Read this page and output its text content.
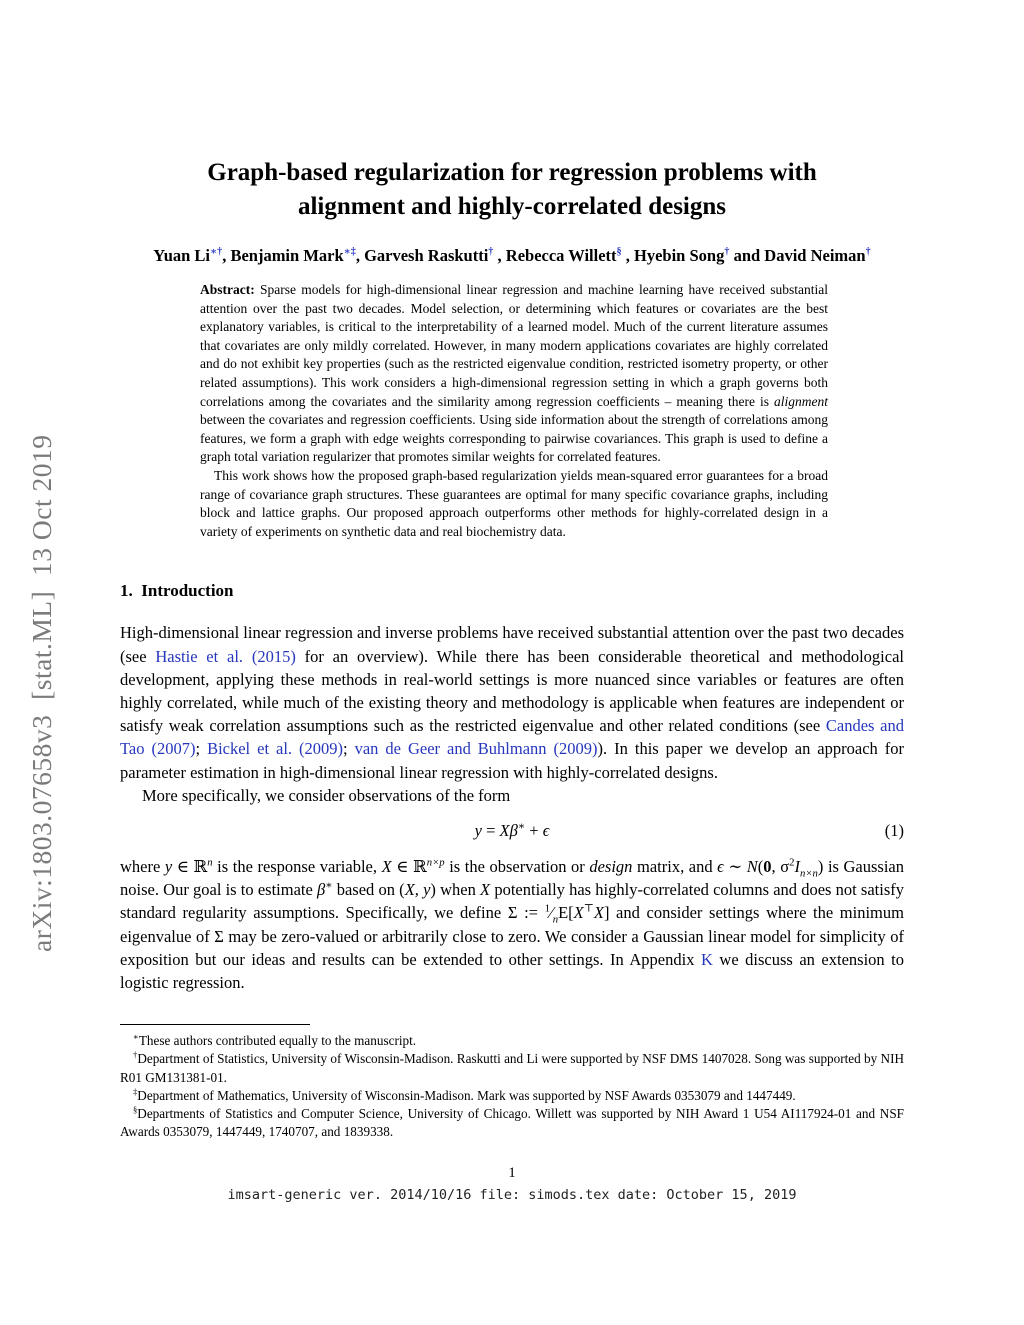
arXiv:1803.07658v3  [stat.ML]  13 Oct 2019
Graph-based regularization for regression problems with
alignment and highly-correlated designs
Yuan Li∗†, Benjamin Mark∗‡, Garvesh Raskutti† , Rebecca Willett§ , Hyebin Song† and David Neiman†

Abstract: Sparse models for high-dimensional linear regression and machine learning have received substantial attention over the past two decades. Model selection, or determining which features or covariates are the best explanatory variables, is critical to the interpretability of a learned model. Much of the current literature assumes that covariates are only mildly correlated. However, in many modern applications covariates are highly correlated and do not exhibit key properties (such as the restricted eigenvalue condition, restricted isometry property, or other related assumptions). This work considers a high-dimensional regression setting in which a graph governs both correlations among the covariates and the similarity among regression coefficients – meaning there is alignment between the covariates and regression coefficients. Using side information about the strength of correlations among features, we form a graph with edge weights corresponding to pairwise covariances. This graph is used to define a graph total variation regularizer that promotes similar weights for correlated features.

This work shows how the proposed graph-based regularization yields mean-squared error guarantees for a broad range of covariance graph structures. These guarantees are optimal for many specific covariance graphs, including block and lattice graphs. Our proposed approach outperforms other methods for highly-correlated design in a variety of experiments on synthetic data and real biochemistry data.

1. Introduction

High-dimensional linear regression and inverse problems have received substantial attention over the past two decades (see Hastie et al. (2015) for an overview). While there has been considerable theoretical and methodological development, applying these methods in real-world settings is more nuanced since variables or features are often highly correlated, while much of the existing theory and methodology is applicable when features are independent or satisfy weak correlation assumptions such as the restricted eigenvalue and other related conditions (see Candes and Tao (2007); Bickel et al. (2009); van de Geer and Buhlmann (2009)). In this paper we develop an approach for parameter estimation in high-dimensional linear regression with highly-correlated designs.

More specifically, we consider observations of the form

y = Xβ∗ + ϵ	(1)

where y ∈ ℝ$^n$ is the response variable, X ∈ ℝ$^{n\times p}$ is the observation or design matrix, and ϵ ∼ N(0, $\sigma^2I_{n\times n}$) is Gaussian noise. Our goal is to estimate β∗ based on (X, y) when X potentially has highly-correlated columns and does not satisfy standard regularity assumptions. Specifically, we define Σ := $^1⁄_nE[X^⊤X]$ and consider settings where the minimum eigenvalue of Σ may be zero-valued or arbitrarily close to zero. We consider a Gaussian linear model for simplicity of exposition but our ideas and results can be extended to other settings. In Appendix K we discuss an extension to logistic regression.

∗These authors contributed equally to the manuscript.

†Department of Statistics, University of Wisconsin-Madison. Raskutti and Li were supported by NSF DMS 1407028. Song was supported by NIH R01 GM131381-01.

‡Department of Mathematics, University of Wisconsin-Madison. Mark was supported by NSF Awards 0353079 and 1447449.

§Departments of Statistics and Computer Science, University of Chicago. Willett was supported by NIH Award 1 U54 AI117924-01 and NSF Awards 0353079, 1447449, 1740707, and 1839338.

1
imsart-generic ver. 2014/10/16 file: simods.tex date: October 15, 2019
